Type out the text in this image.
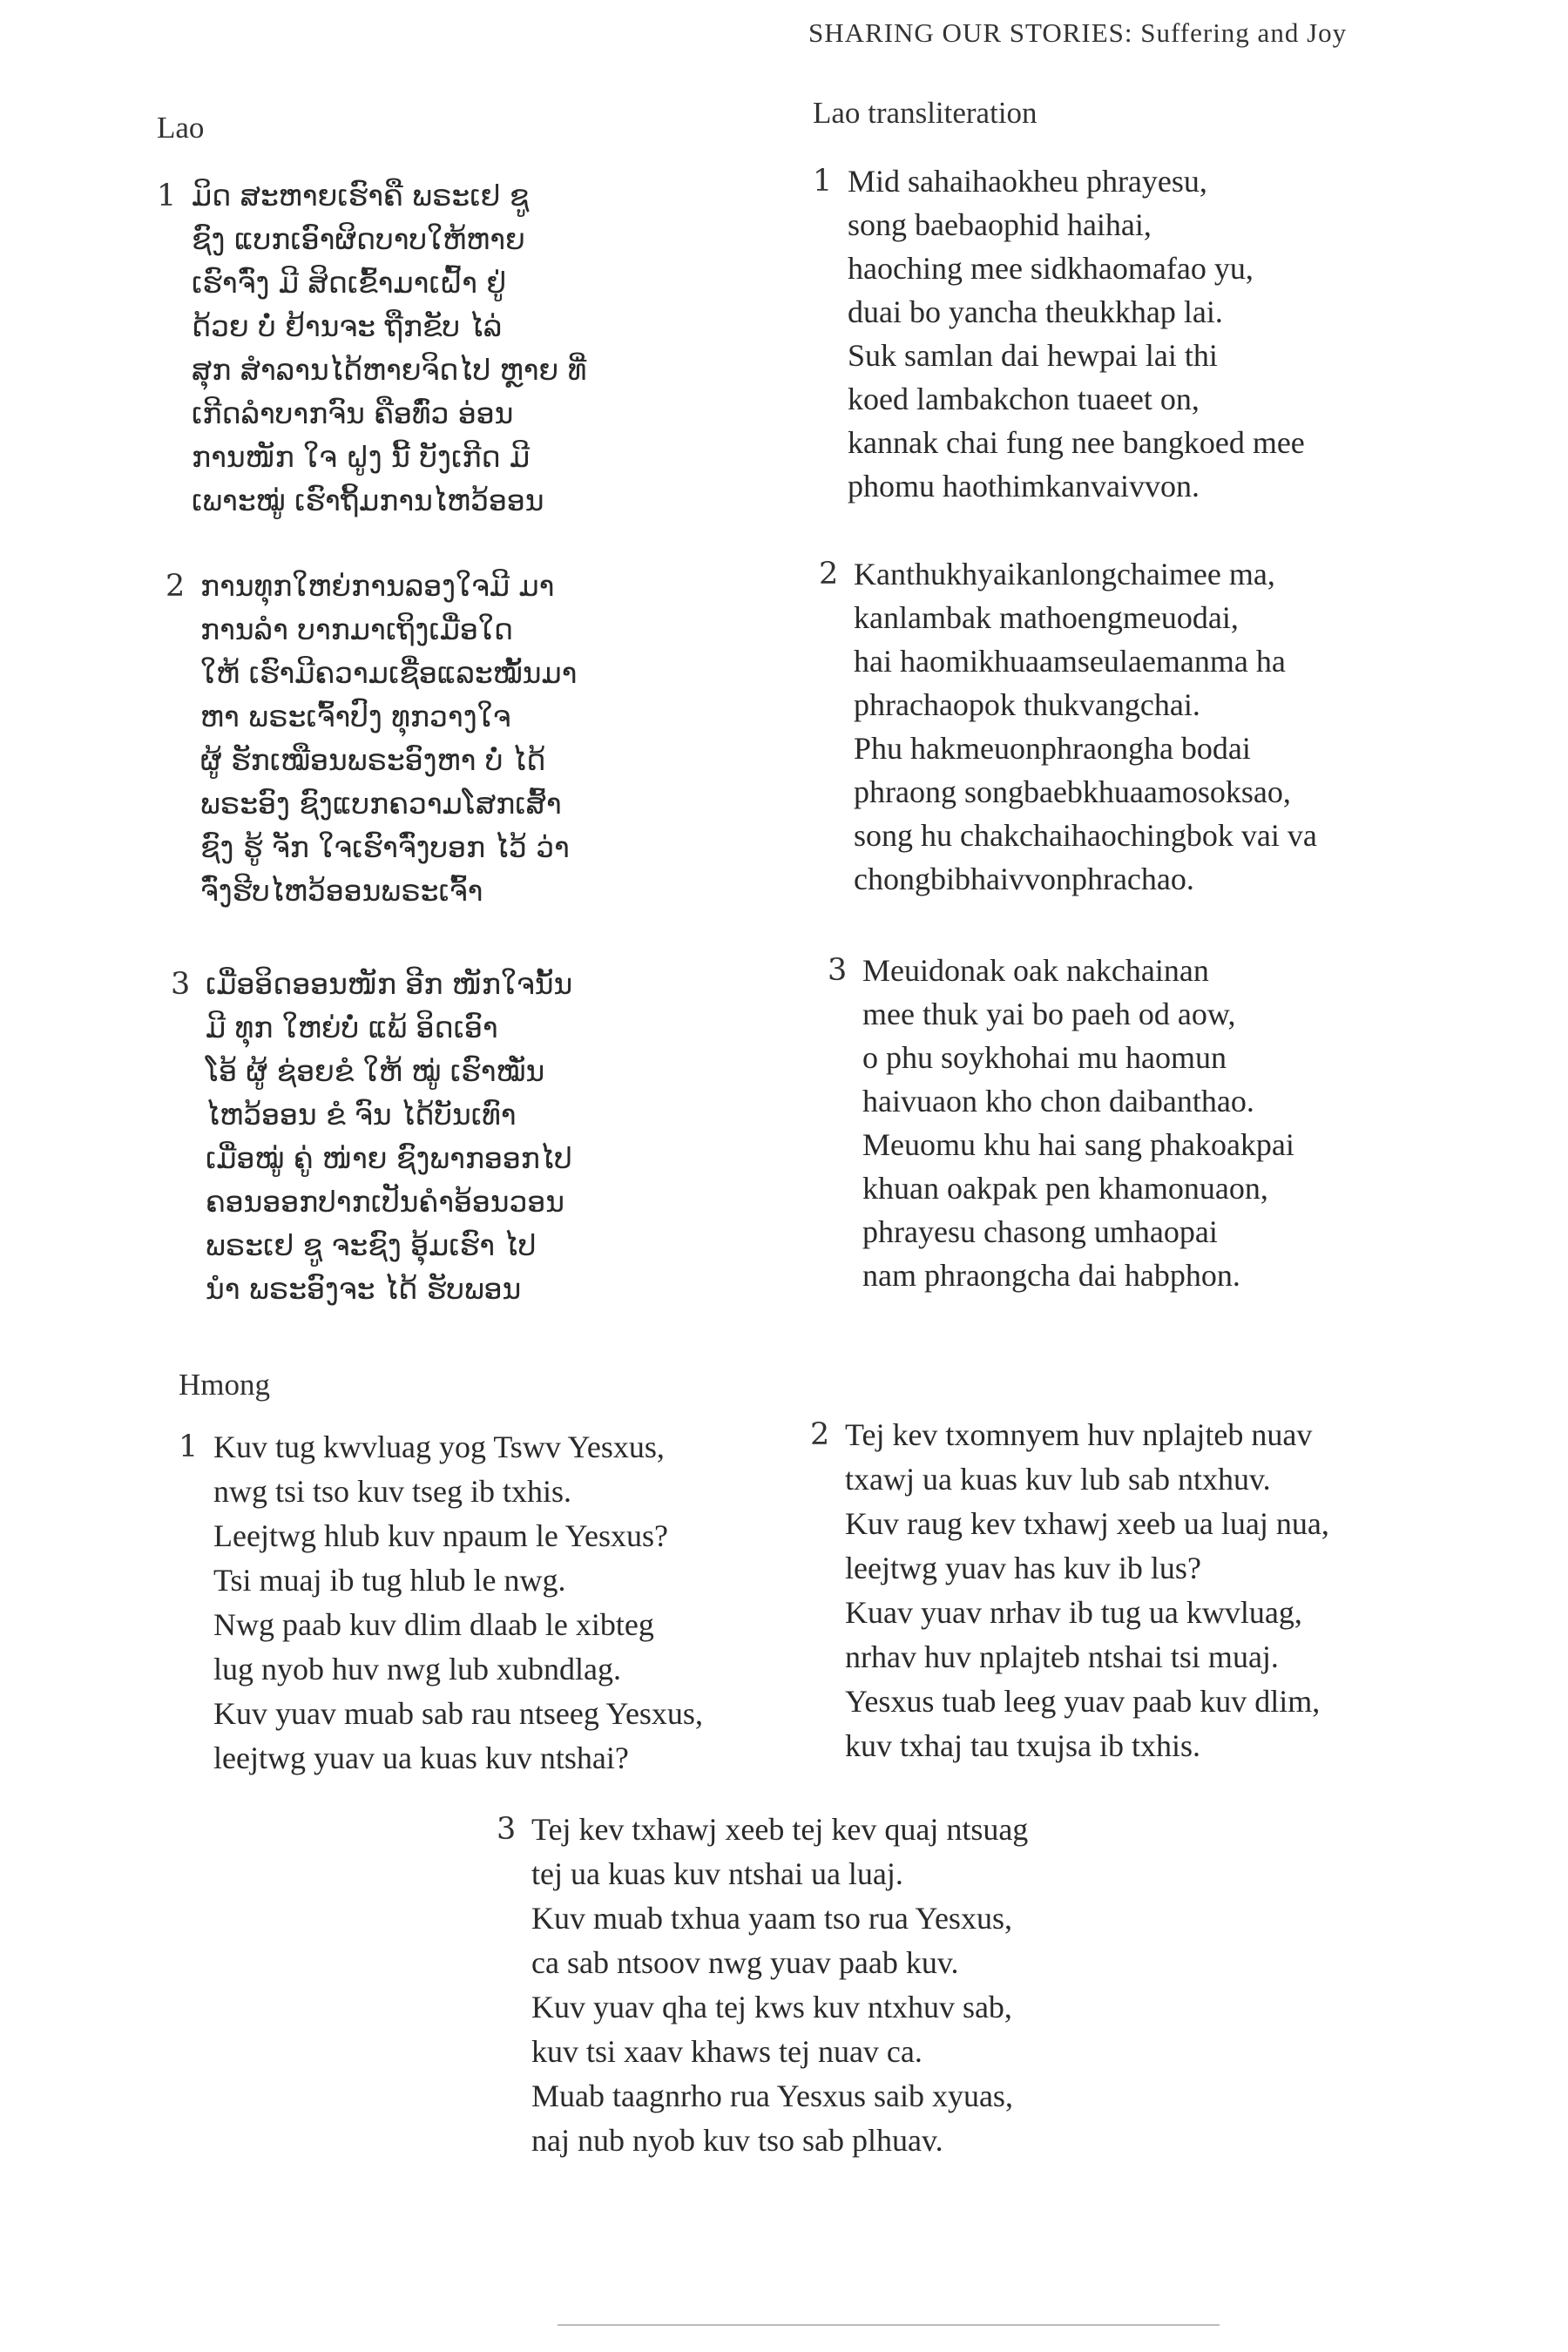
SHARING OUR STORIES: Suffering and Joy
Lao
1 ມິດ ສະຫາຍເຮົາຄື ພຣະເຢ ຊູ
ຊົງ ແບກເອົາຜິດບາບໃຫ້ຫາຍ
ເຮົາຈົ່ງ ມີ ສິດເຂົ້າມາເຝົ້າ ຢູ່
ດ້ວຍ ບໍ່ ຢ້ານຈະ ຖືກຂັບ ໄລ່
ສຸກ ສໍາລານໄດ້ຫາຍຈິດໄປ ຫຼາຍ ທີ່
ເກີດລໍາບາກຈົນ ຄືອທົ່ວ ອ່ອນ
ການໜັກ ໃຈ ຝູງ ນີ້ ບັງເກີດ ມີ
ເພາະໝູ່ ເຮົາຖິ້ມການໄຫວ້ອອນ
2 ການທຸກໃຫຍ່ການລອງໃຈມີ ມາ
ການລໍາ ບາກມາເຖິງເມື່ອໃດ
ໃຫ້ ເຮົາມີຄວາມເຊື່ອແລະໝັ້ນມາ
ຫາ ພຣະເຈົ້າປົງ ທຸກວາງໃຈ
ຜູ້ ຮັກເໝືອນພຣະອົງຫາ ບໍ່ ໄດ້
ພຣະອົງ ຊົງແບກຄວາມໂສກເສົ້າ
ຊົງ ຮູ້ ຈັກ ໃຈເຮົາຈົ່ງບອກ ໄວ້ ວ່າ
ຈົ່ງຮີບໄຫວ້ອອນພຣະເຈົ້າ
3 ເມື່ອອິດອອນໜັກ ອີກ ໜັກໃຈນັ້ນ
ມີ ທຸກ ໃຫຍ່ບໍ່ ແພ້ ອິດເອົາ
ໂອ້ ຜູ້ ຊ່ອຍຂໍ ໃຫ້ ໝູ່ ເຮົາໝັ່ນ
ໄຫວ້ອອນ ຂໍ ຈົນ ໄດ້ບັນເທົາ
ເມື່ອໝູ່ ຄູ່ ໜ່າຍ ຊົງພາກອອກໄປ
ຄອນອອກປາກເປັນຄໍາອ້ອນວອນ
ພຣະເຢ ຊູ ຈະຊົງ ອຸ້ມເຮົາ ໄປ
ນໍາ ພຣະອົງຈະ ໄດ້ ຮັບພອນ
Lao transliteration
1 Mid sahaihaokheu phrayesu,
song baebaophid haihai,
haoching mee sidkhaomafao yu,
duai bo yancha theukkhap lai.
Suk samlan dai hewpai lai thi
koed lambakchon tuaeet on,
kannak chai fung nee bangkoed mee
phomu haothimkanvaivvon.
2 Kanthukhyaikanlongchaimee ma,
kanlambak mathoengmeuodai,
hai haomikhuaamseulaemanma ha
phrachaopok thukvangchai.
Phu hakmeuonphraongha bodai
phraong songbaebkhuaamosoksao,
song hu chakchaihaochingbok vai va
chongbibhaivvonphrachao.
3 Meuidonak oak nakchainan
mee thuk yai bo paeh od aow,
o phu soykhohai mu haomun
haivuaon kho chon daibanthao.
Meuomu khu hai sang phakoakpai
khuan oakpak pen khamonuaon,
phrayesu chasong umhaopai
nam phraongcha dai habphon.
Hmong
1 Kuv tug kwvluag yog Tswv Yesxus,
nwg tsi tso kuv tseg ib txhis.
Leejtwg hlub kuv npaum le Yesxus?
Tsi muaj ib tug hlub le nwg.
Nwg paab kuv dlim dlaab le xibteg
lug nyob huv nwg lub xubndlag.
Kuv yuav muab sab rau ntseeg Yesxus,
leejtwg yuav ua kuas kuv ntshai?
2 Tej kev txomnyem huv nplajteb nuav
txawj ua kuas kuv lub sab ntxhuv.
Kuv raug kev txhawj xeeb ua luaj nua,
leejtwg yuav has kuv ib lus?
Kuav yuav nrhav ib tug ua kwvluag,
nrhav huv nplajteb ntshai tsi muaj.
Yesxus tuab leeg yuav paab kuv dlim,
kuv txhaj tau txujsa ib txhis.
3 Tej kev txhawj xeeb tej kev quaj ntsuag
tej ua kuas kuv ntshai ua luaj.
Kuv muab txhua yaam tso rua Yesxus,
ca sab ntsoov nwg yuav paab kuv.
Kuv yuav qha tej kws kuv ntxhuv sab,
kuv tsi xaav khaws tej nuav ca.
Muab taagnrho rua Yesxus saib xyuas,
naj nub nyob kuv tso sab plhuav.
